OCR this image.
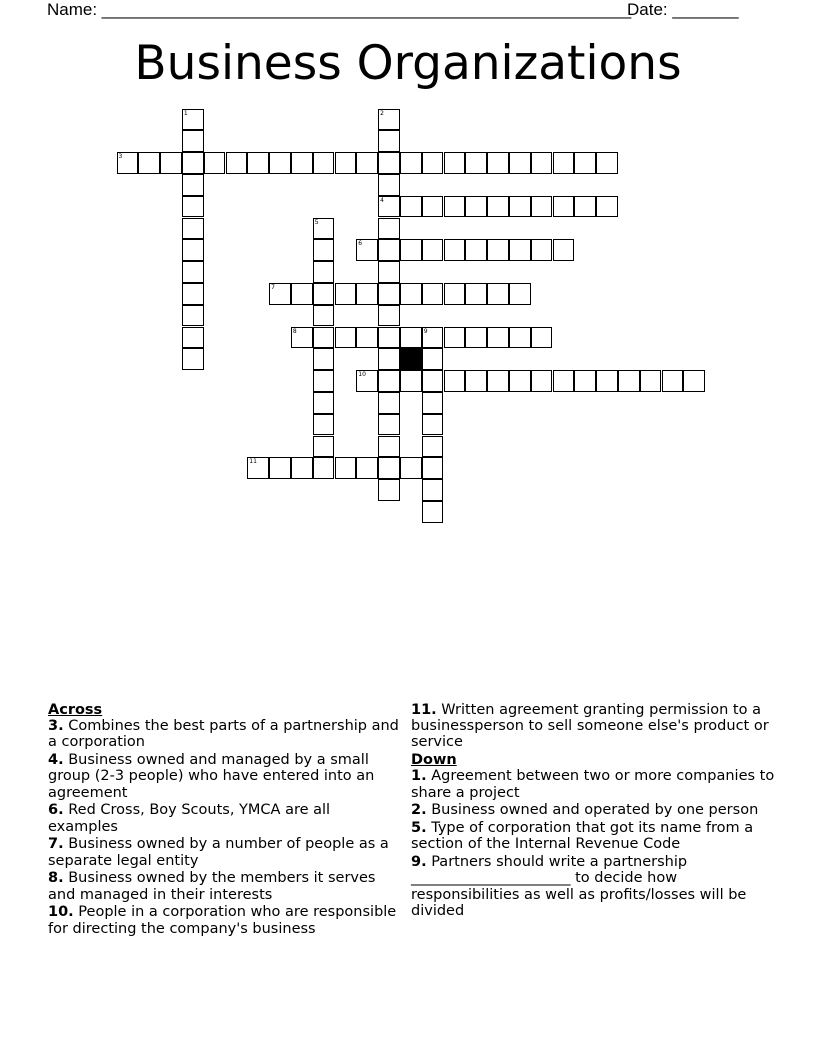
Name: ________________________________________________________
Date: _______
Business Organizations
1	2
3
4
5
6
7
8	9
10
11
Across
3. Combines the best parts of a partnership and a corporation
4. Business owned and managed by a small group (2-3 people) who have entered into an agreement
6. Red Cross, Boy Scouts, YMCA are all examples
7. Business owned by a number of people as a separate legal entity
8. Business owned by the members it serves and managed in their interests
10. People in a corporation who are responsible for directing the company's business
11. Written agreement granting permission to a businessperson to sell someone else's product or service
Down
1. Agreement between two or more companies to share a project
2. Business owned and operated by one person
5. Type of corporation that got its name from a section of the Internal Revenue Code
9. Partners should write a partnership ______________________ to decide how responsibilities as well as profits/losses will be divided
